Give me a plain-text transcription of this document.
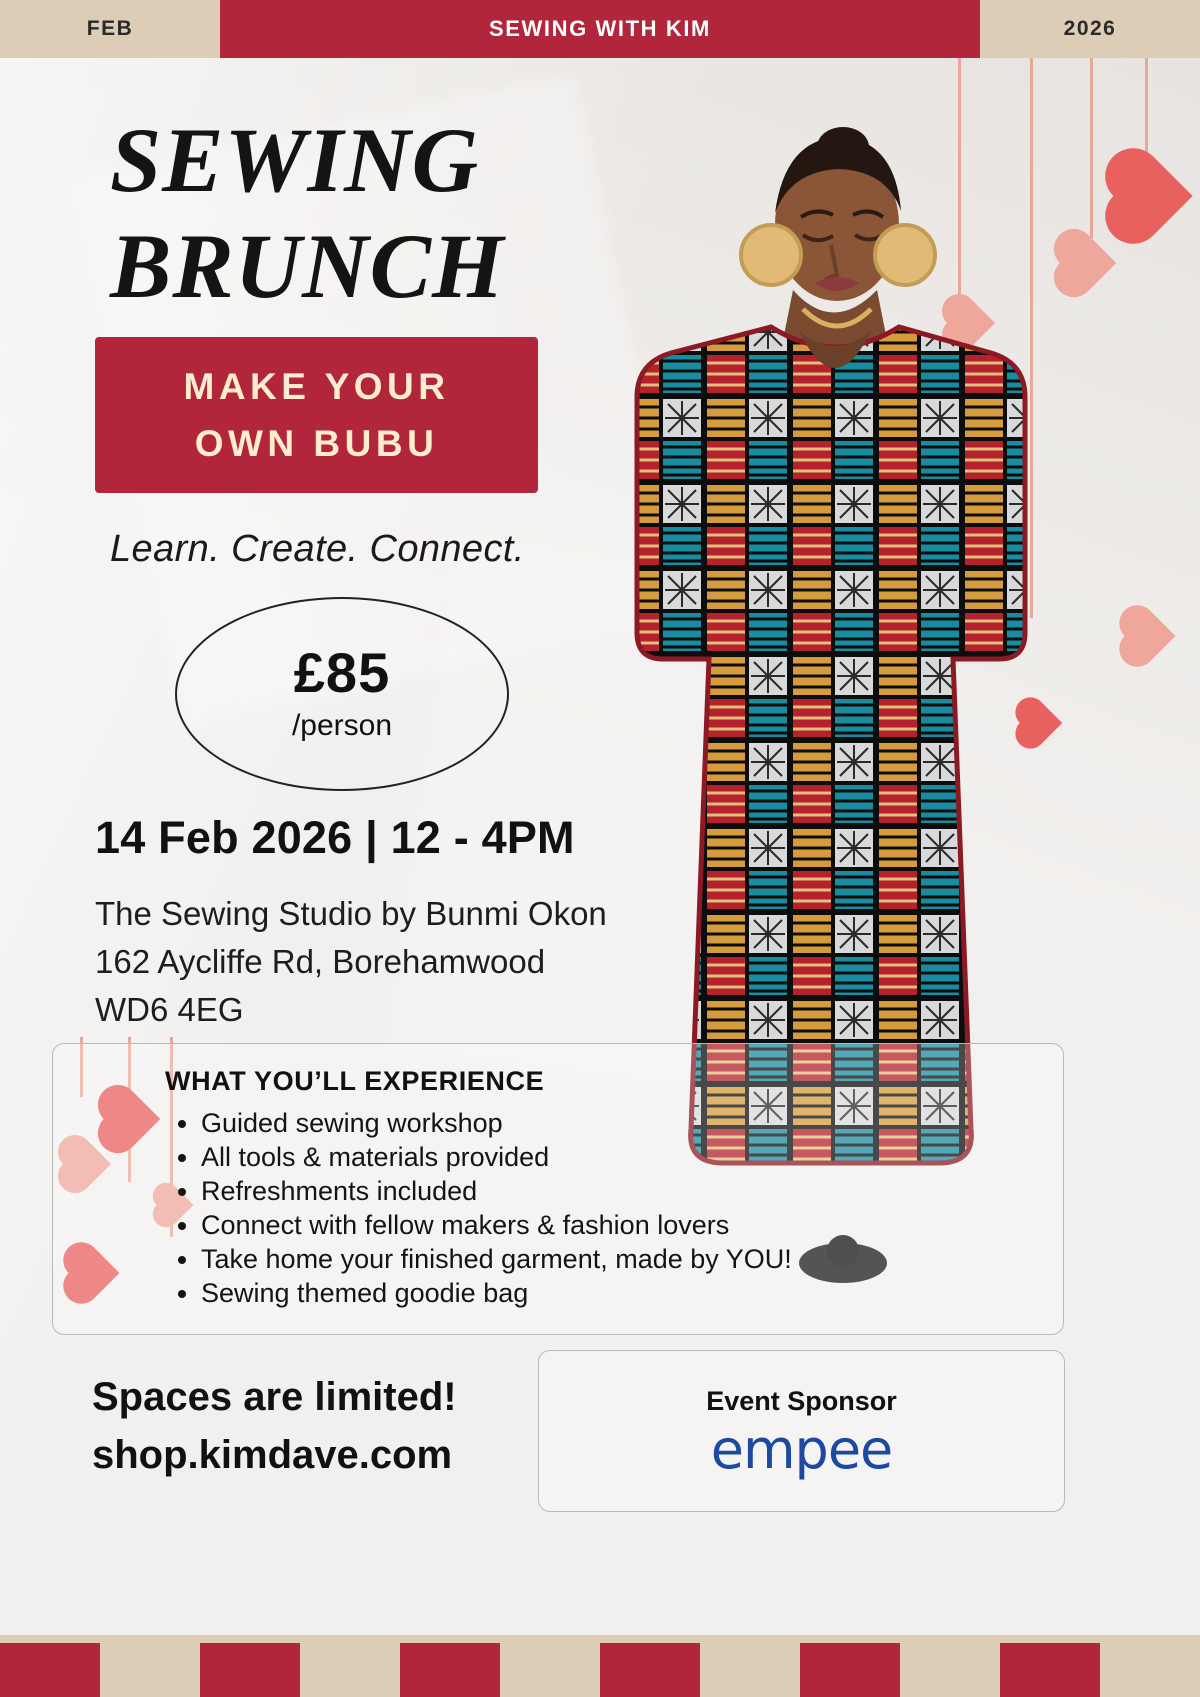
FEB	SEWING WITH KIM	2026
SEWING
BRUNCH
MAKE YOUR
OWN BUBU
Learn. Create. Connect.
£85
/person
14 Feb 2026 | 12 - 4PM
The Sewing Studio by Bunmi Okon
162 Aycliffe Rd, Borehamwood
WD6 4EG
WHAT YOU’LL EXPERIENCE
• Guided sewing workshop
• All tools & materials provided
• Refreshments included
• Connect with fellow makers & fashion lovers
• Take home your finished garment, made by YOU!
• Sewing themed goodie bag
Spaces are limited!
shop.kimdave.com
Event Sponsor
empee
